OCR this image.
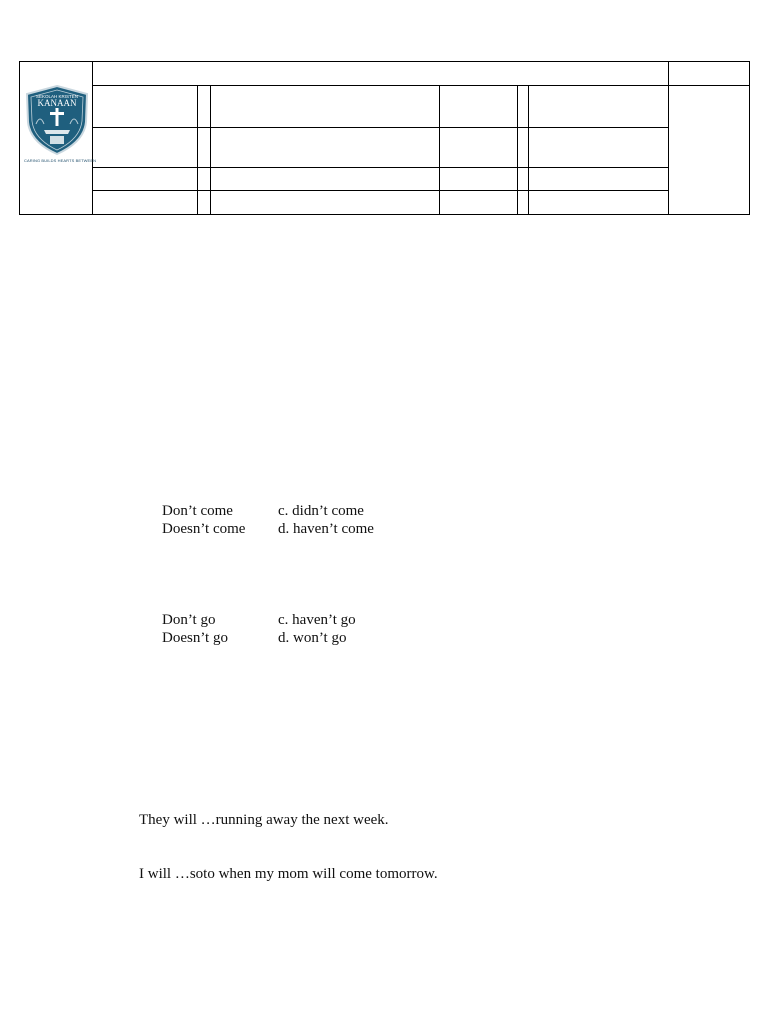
SEKOLAH KRISTEN
KANAAN
CARING BUILDS HEARTS BETWEEN							

Don’t come	c. didn’t come
Doesn’t come d. haven’t come
Don’t go	c. haven’t go
Doesn’t go	d. won’t go
They will …running away the next week.
I will …soto when my mom will come tomorrow.
